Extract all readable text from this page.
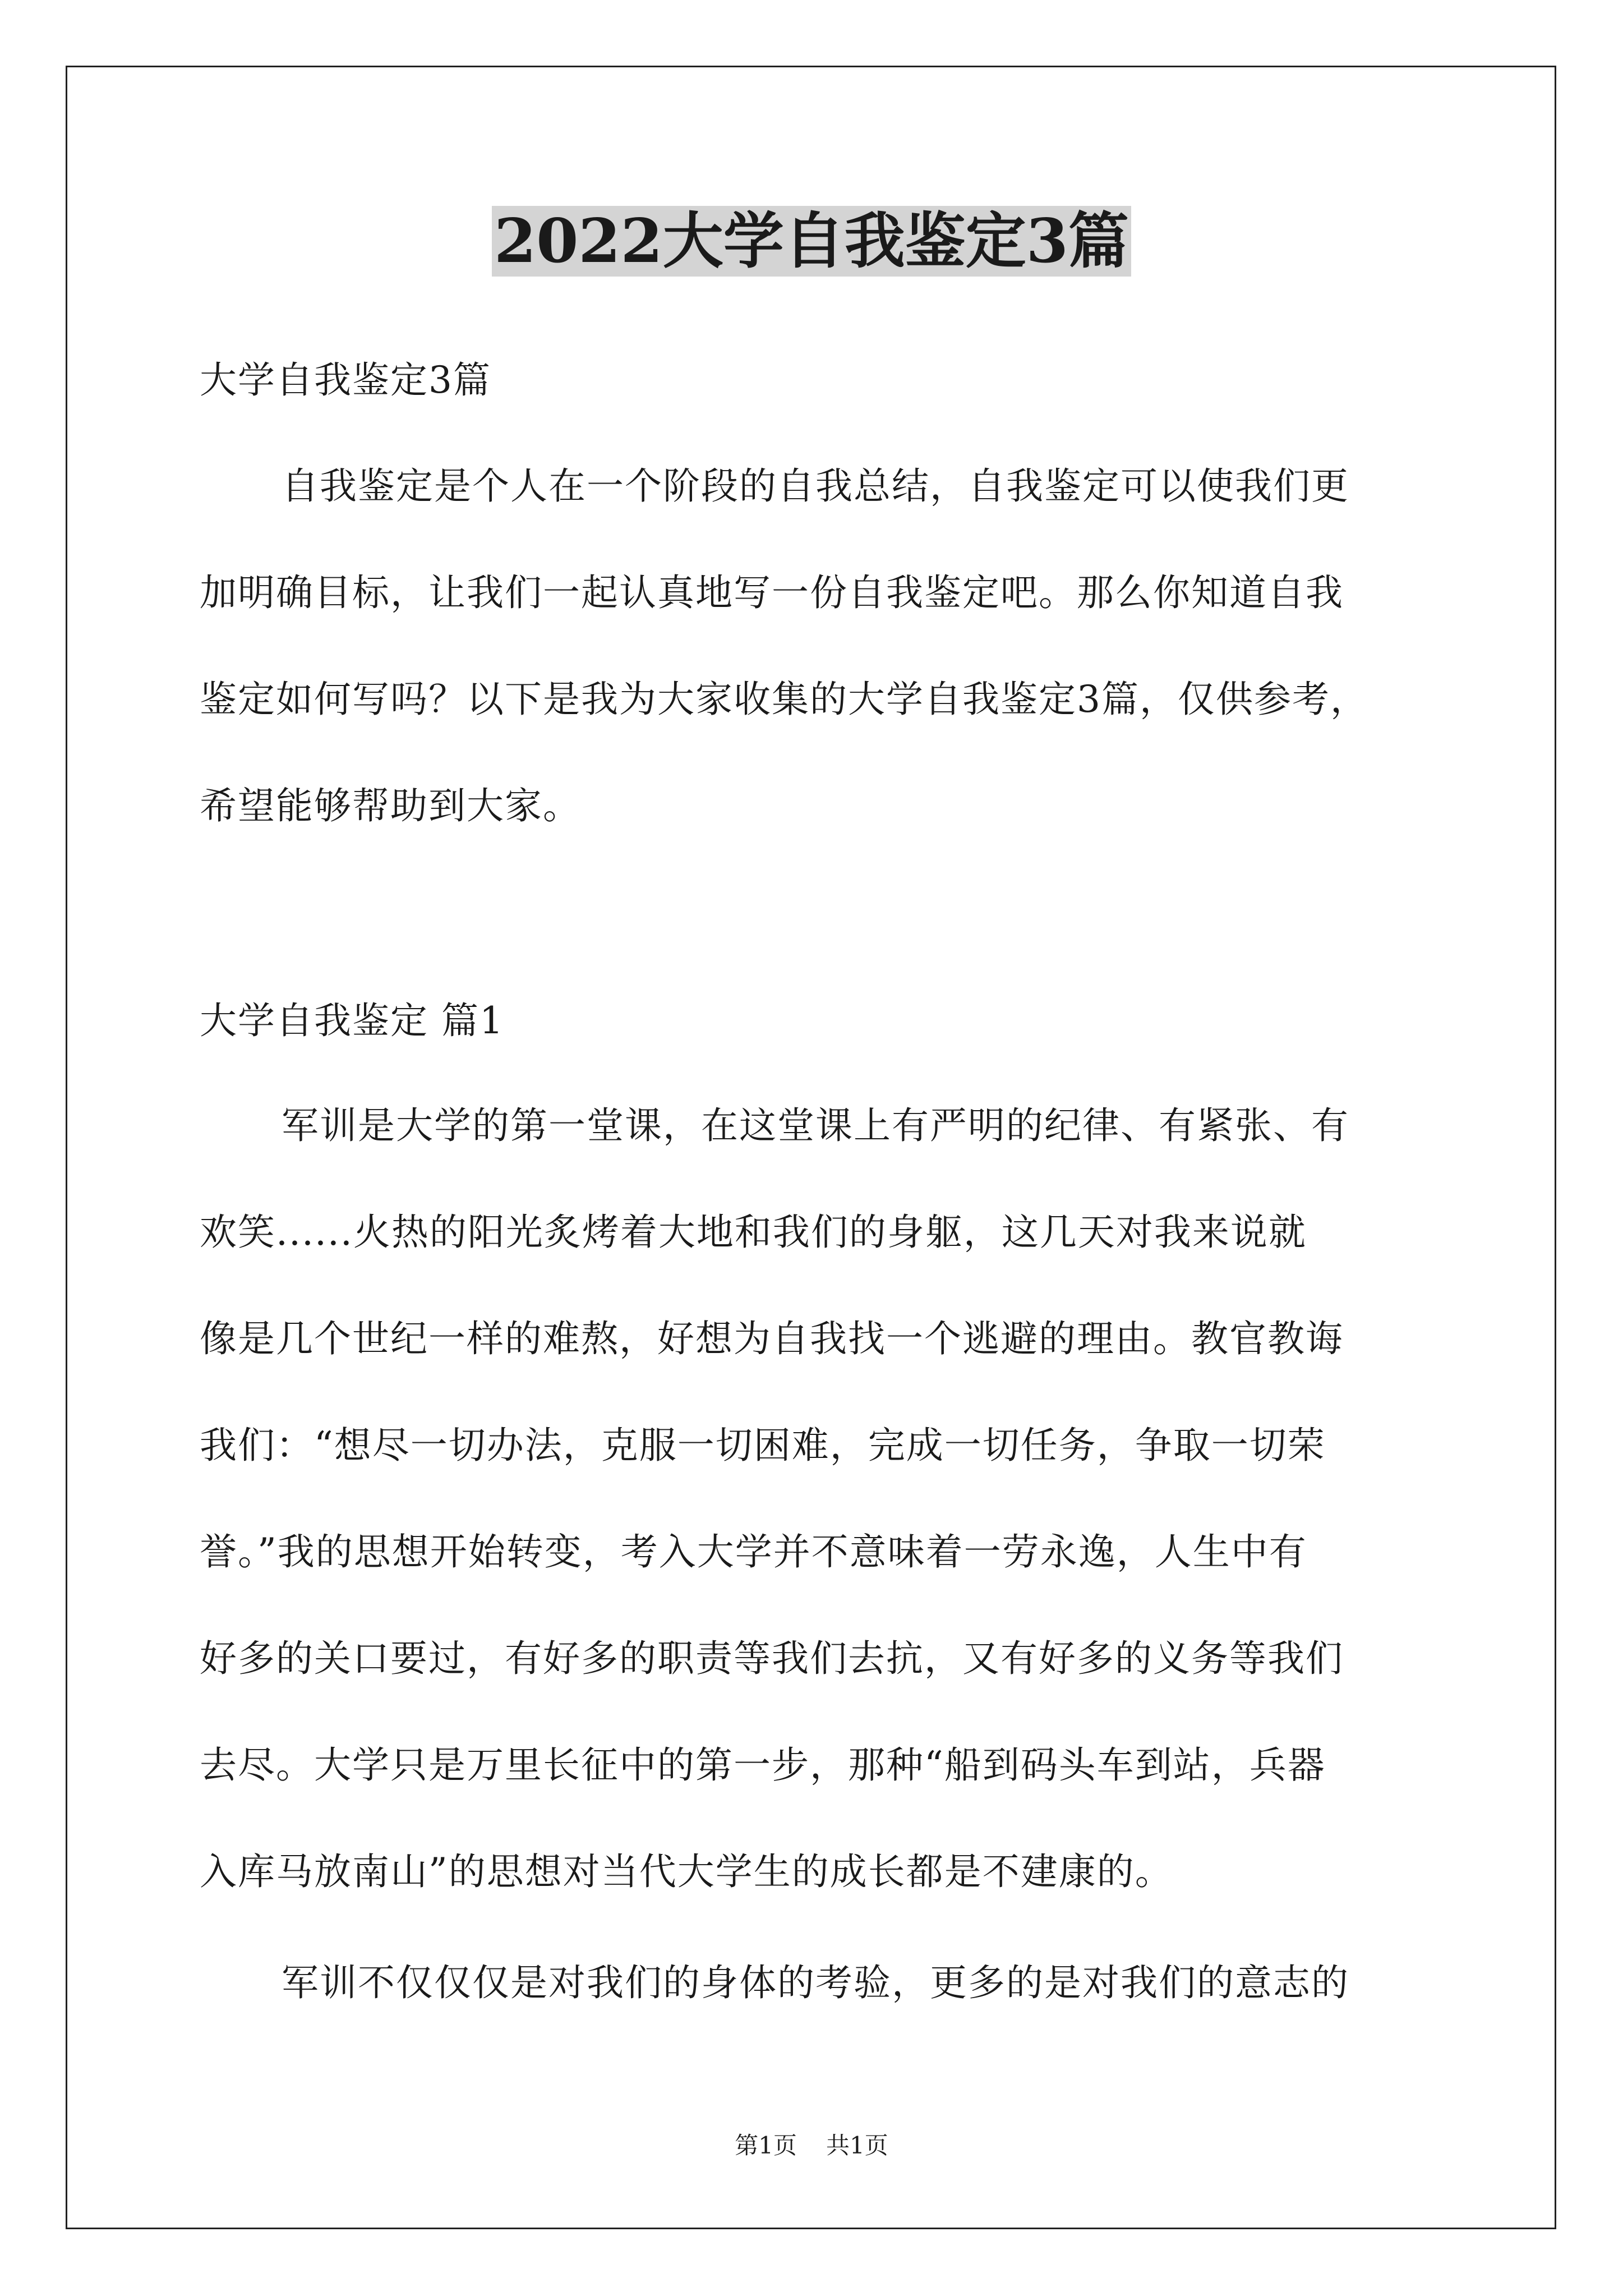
2022大学自我鉴定3篇
大学自我鉴定3篇
自我鉴定是个人在一个阶段的自我总结，自我鉴定可以使我们更
加明确目标，让我们一起认真地写一份自我鉴定吧。那么你知道自我
鉴定如何写吗？以下是我为大家收集的大学自我鉴定3篇，仅供参考，
希望能够帮助到大家。
大学自我鉴定 篇1
军训是大学的第一堂课，在这堂课上有严明的纪律、有紧张、有
欢笑......火热的阳光炙烤着大地和我们的身躯，这几天对我来说就
像是几个世纪一样的难熬，好想为自我找一个逃避的理由。教官教诲
我们：“想尽一切办法，克服一切困难，完成一切任务，争取一切荣
誉。”我的思想开始转变，考入大学并不意味着一劳永逸，人生中有
好多的关口要过，有好多的职责等我们去抗，又有好多的义务等我们
去尽。大学只是万里长征中的第一步，那种“船到码头车到站，兵器
入库马放南山”的思想对当代大学生的成长都是不建康的。
军训不仅仅仅是对我们的身体的考验，更多的是对我们的意志的
第1页 共1页
